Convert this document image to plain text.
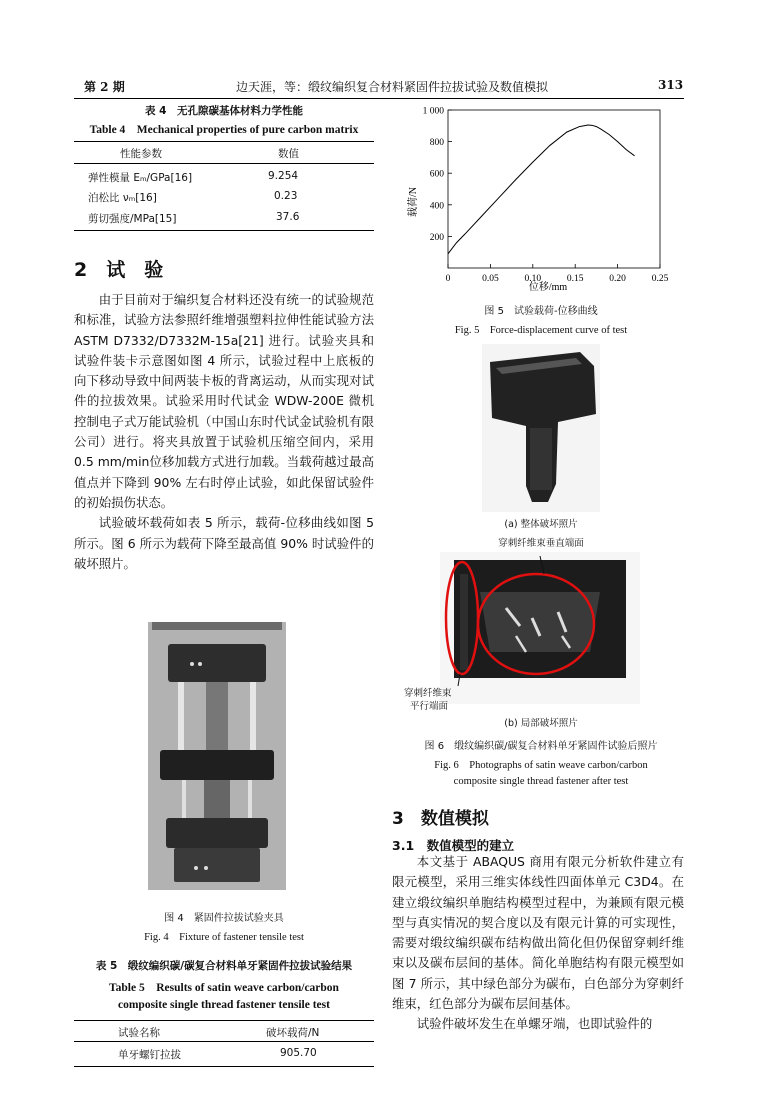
第 2 期	边天涯，等：缎纹编织复合材料紧固件拉拔试验及数值模拟	313
表 4　无孔隙碳基体材料力学性能
Table 4　Mechanical properties of pure carbon matrix
性能参数	数值
弹性模量 Eₘ/GPa[16]	9.254
泊松比 νₘ[16]	0.23
剪切强度/MPa[15]	37.6
2　试　验

由于目前对于编织复合材料还没有统一的试验规范和标准，试验方法参照纤维增强塑料拉伸性能试验方法 ASTM D7332/D7332M-15a[21] 进行。试验夹具和试验件装卡示意图如图 4 所示，试验过程中上底板的向下移动导致中间两装卡板的背离运动，从而实现对试件的拉拔效果。试验采用时代试金 WDW-200E 微机控制电子式万能试验机（中国山东时代试金试验机有限公司）进行。将夹具放置于试验机压缩空间内，采用 0.5 mm/min位移加载方式进行加载。当载荷越过最高值点并下降到 90% 左右时停止试验，如此保留试验件的初始损伤状态。

试验破坏载荷如表 5 所示，载荷-位移曲线如图 5 所示。图 6 所示为载荷下降至最高值 90% 时试验件的破坏照片。

图 4　紧固件拉拔试验夹具
Fig. 4　Fixture of fastener tensile test
表 5　缎纹编织碳/碳复合材料单牙紧固件拉拔试验结果
Table 5　Results of satin weave carbon/carbon
composite single thread fastener tensile test
试验名称	破坏载荷/N
单牙螺钉拉拔	905.70
载荷/N
位移/mm
0	0.05	0.10	0.15	0.20	0.25
200
400
600
800
1 000
图 5　试验载荷-位移曲线
Fig. 5　Force-displacement curve of test
(a) 整体破坏照片
穿刺纤维束垂直端面
穿刺纤维束
平行端面
(b) 局部破坏照片
图 6　缎纹编织碳/碳复合材料单牙紧固件试验后照片
Fig. 6　Photographs of satin weave carbon/carbon
composite single thread fastener after test
3　数值模拟
3.1　数值模型的建立

本文基于 ABAQUS 商用有限元分析软件建立有限元模型，采用三维实体线性四面体单元 C3D4。在建立缎纹编织单胞结构模型过程中，为兼顾有限元模型与真实情况的契合度以及有限元计算的可实现性，需要对缎纹编织碳布结构做出简化但仍保留穿刺纤维束以及碳布层间的基体。简化单胞结构有限元模型如图 7 所示，其中绿色部分为碳布，白色部分为穿刺纤维束，红色部分为碳布层间基体。

试验件破坏发生在单螺牙端，也即试验件的
